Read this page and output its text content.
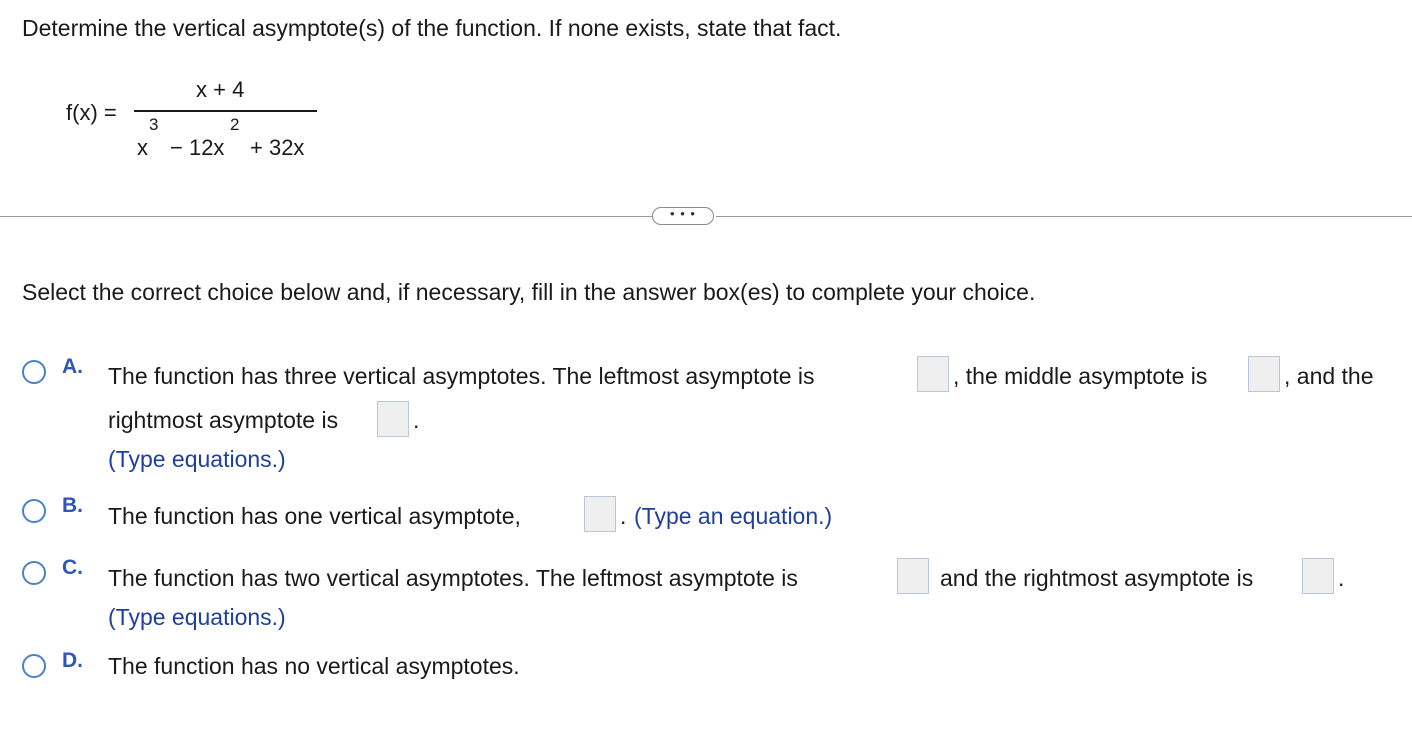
Determine the vertical asymptote(s) of the function. If none exists, state that fact.
f(x) =
x + 4
x
3
− 12x
2
+ 32x
• • •
Select the correct choice below and, if necessary, fill in the answer box(es) to complete your choice.
A. The function has three vertical asymptotes. The leftmost asymptote is	, the middle asymptote is	, and the
rightmost asymptote is	.
(Type equations.)
B. The function has one vertical asymptote,	. (Type an equation.)
C. The function has two vertical asymptotes. The leftmost asymptote is	and the rightmost asymptote is	.
(Type equations.)
D. The function has no vertical asymptotes.
